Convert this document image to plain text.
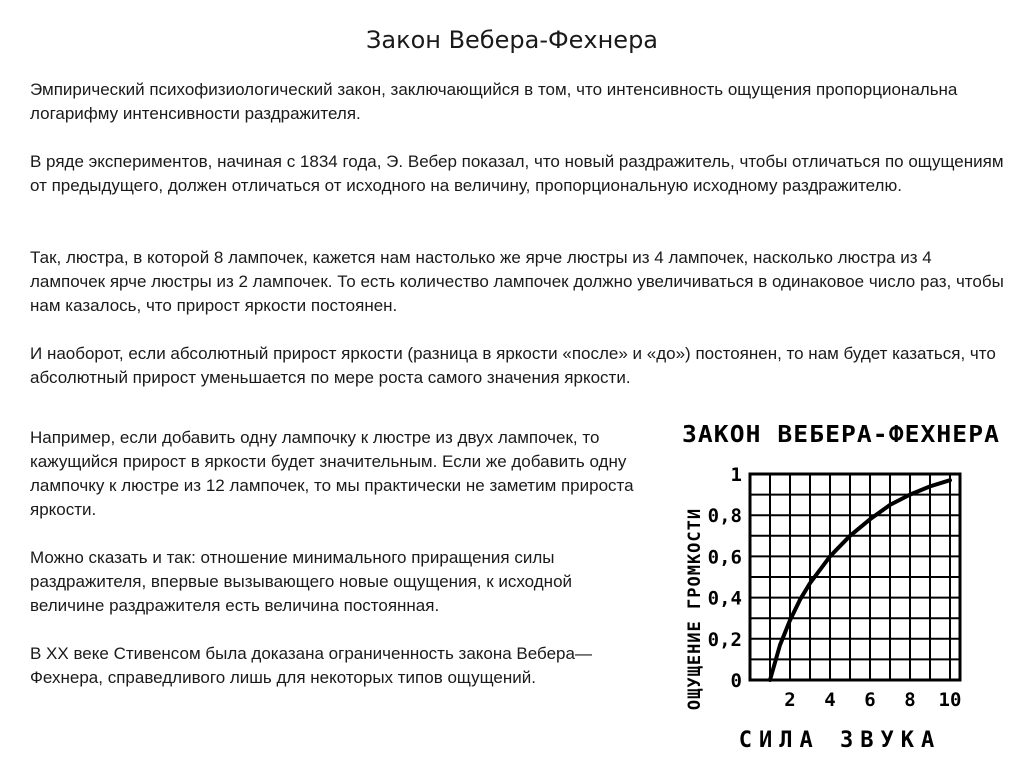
Закон Вебера-Фехнера

Эмпирический психофизиологический закон, заключающийся в том, что интенсивность ощущения пропорциональна логарифму интенсивности раздражителя.

В ряде экспериментов, начиная с 1834 года, Э. Вебер показал, что новый раздражитель, чтобы отличаться по ощущениям от предыдущего, должен отличаться от исходного на величину, пропорциональную исходному раздражителю.

Так, люстра, в которой 8 лампочек, кажется нам настолько же ярче люстры из 4 лампочек, насколько люстра из 4 лампочек ярче люстры из 2 лампочек. То есть количество лампочек должно увеличиваться в одинаковое число раз, чтобы нам казалось, что прирост яркости постоянен.

И наоборот, если абсолютный прирост яркости (разница в яркости «после» и «до») постоянен, то нам будет казаться, что абсолютный прирост уменьшается по мере роста самого значения яркости.

Например, если добавить одну лампочку к люстре из двух лампочек, то кажущийся прирост в яркости будет значительным. Если же добавить одну лампочку к люстре из 12 лампочек, то мы практически не заметим прироста яркости.

Можно сказать и так: отношение минимального приращения силы раздражителя, впервые вызывающего новые ощущения, к исходной величине раздражителя есть величина постоянная.

В XX веке Стивенсом была доказана ограниченность закона Вебера—Фехнера, справедливого лишь для некоторых типов ощущений.

ЗАКОН ВЕБЕРА-ФЕХНЕРА
ОЩУЩЕНИЕ ГРОМКОСТИ
СИЛА ЗВУКА
0
0,2
0,4
0,6
0,8
1
2 4 6 8 10
